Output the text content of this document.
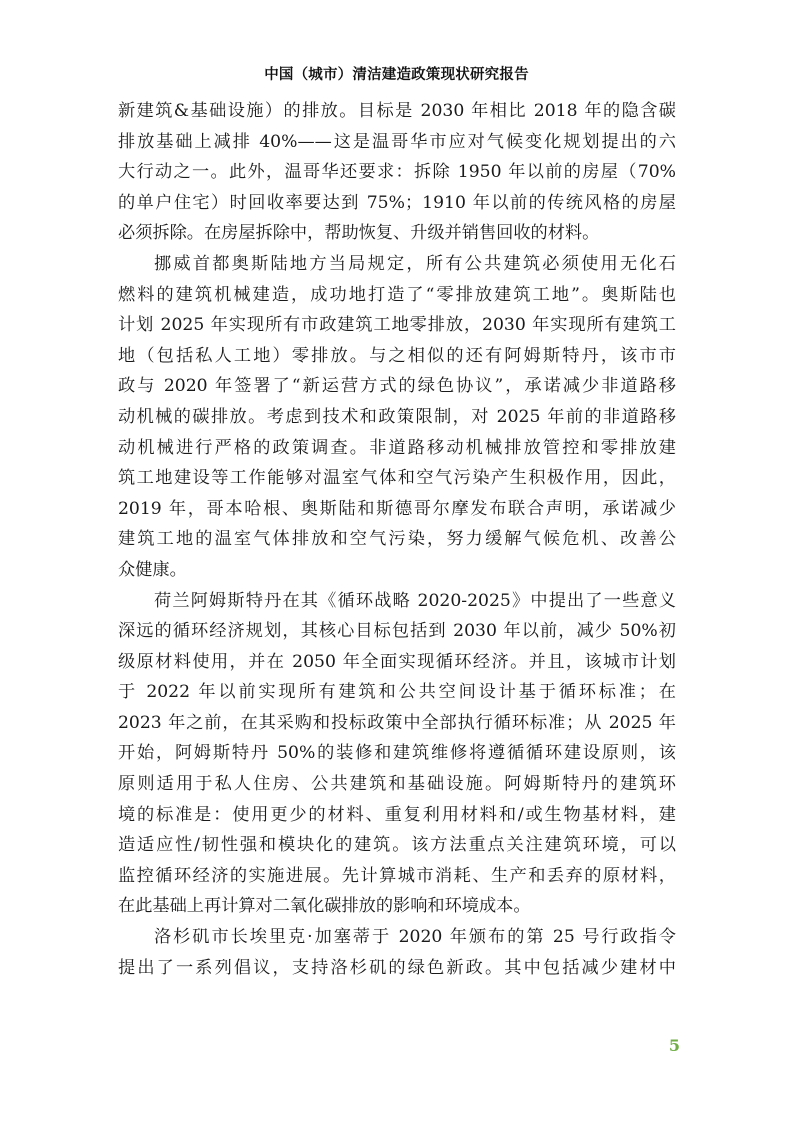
中国（城市）清洁建造政策现状研究报告
新建筑&基础设施）的排放。目标是 2030 年相比 2018 年的隐含碳
排放基础上减排 40%——这是温哥华市应对气候变化规划提出的六
大行动之一。此外，温哥华还要求：拆除 1950 年以前的房屋（70%
的单户住宅）时回收率要达到 75%；1910 年以前的传统风格的房屋
必须拆除。在房屋拆除中，帮助恢复、升级并销售回收的材料。
挪威首都奥斯陆地方当局规定，所有公共建筑必须使用无化石
燃料的建筑机械建造，成功地打造了“零排放建筑工地”。奥斯陆也
计划 2025 年实现所有市政建筑工地零排放，2030 年实现所有建筑工
地（包括私人工地）零排放。与之相似的还有阿姆斯特丹，该市市
政与 2020 年签署了“新运营方式的绿色协议”，承诺减少非道路移
动机械的碳排放。考虑到技术和政策限制，对 2025 年前的非道路移
动机械进行严格的政策调查。非道路移动机械排放管控和零排放建
筑工地建设等工作能够对温室气体和空气污染产生积极作用，因此，
2019 年，哥本哈根、奥斯陆和斯德哥尔摩发布联合声明，承诺减少
建筑工地的温室气体排放和空气污染，努力缓解气候危机、改善公
众健康。
荷兰阿姆斯特丹在其《循环战略 2020-2025》中提出了一些意义
深远的循环经济规划，其核心目标包括到 2030 年以前，减少 50%初
级原材料使用，并在 2050 年全面实现循环经济。并且，该城市计划
于 2022 年以前实现所有建筑和公共空间设计基于循环标准；在
2023 年之前，在其采购和投标政策中全部执行循环标准；从 2025 年
开始，阿姆斯特丹 50%的装修和建筑维修将遵循循环建设原则，该
原则适用于私人住房、公共建筑和基础设施。阿姆斯特丹的建筑环
境的标准是：使用更少的材料、重复利用材料和/或生物基材料，建
造适应性/韧性强和模块化的建筑。该方法重点关注建筑环境，可以
监控循环经济的实施进展。先计算城市消耗、生产和丢弃的原材料，
在此基础上再计算对二氧化碳排放的影响和环境成本。
洛杉矶市长埃里克·加塞蒂于 2020 年颁布的第 25 号行政指令
提出了一系列倡议，支持洛杉矶的绿色新政。其中包括减少建材中
5
